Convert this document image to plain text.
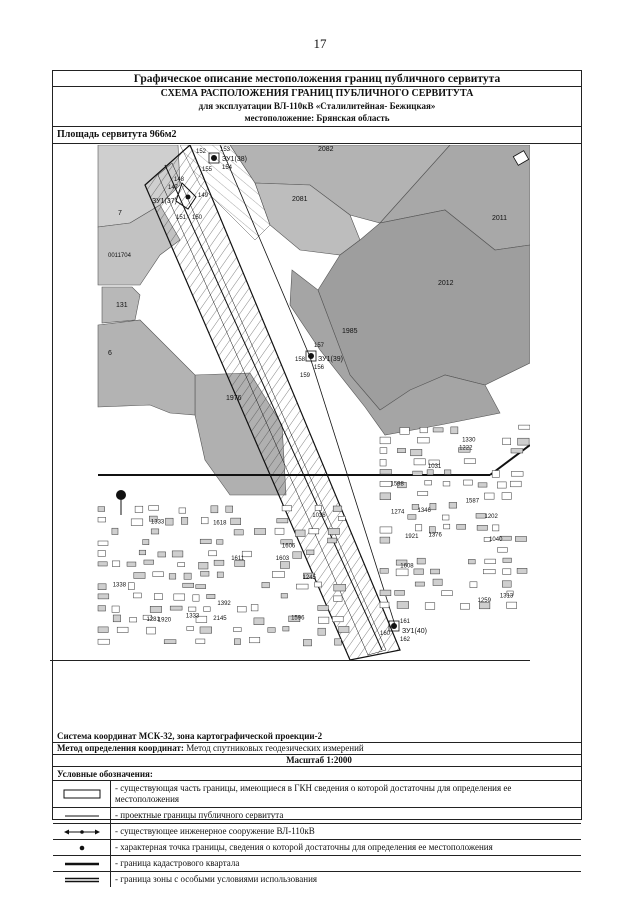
17
Графическое описание местоположения границ публичного сервитута
СХЕМА РАСПОЛОЖЕНИЯ ГРАНИЦ ПУБЛИЧНОГО СЕРВИТУТА
для эксплуатации ВЛ-110кВ «Сталилитейная- Бежицкая»
местоположение: Брянская область
Площадь сервитута 966м2
Система координат МСК-32, зона картографической проекции-2
Метод определения координат: Метод спутниковых геодезических измерений
Масштаб 1:2000
Условные обозначения:
- существующая часть границы, имеющиеся в ГКН сведения о которой достаточны для определения ее местоположения
- проектные границы публичного сервитута
- существующее инженерное сооружение ВЛ-110кВ
- характерная точка границы, сведения о которой достаточны для определения ее местоположения
- граница кадастрового квартала
- граница зоны с особыми условиями использования
152 153
155 154
ЗУ1(38)
148
147
149
151 150
ЗУ1(37)
157
158
156
159
ЗУ1(39)
161
160
162
ЗУ1(40)
2082
2081
2011
2012
1985
1976
131
7
6
0011704
1281
1274
1596
1598
1603
1587
1606
1608
1611
1259
1618
1313
1920
1921
1338
1330
1392
1346
1333
1040
1036
1031
2145
1376
1333
1202
1245
1222
